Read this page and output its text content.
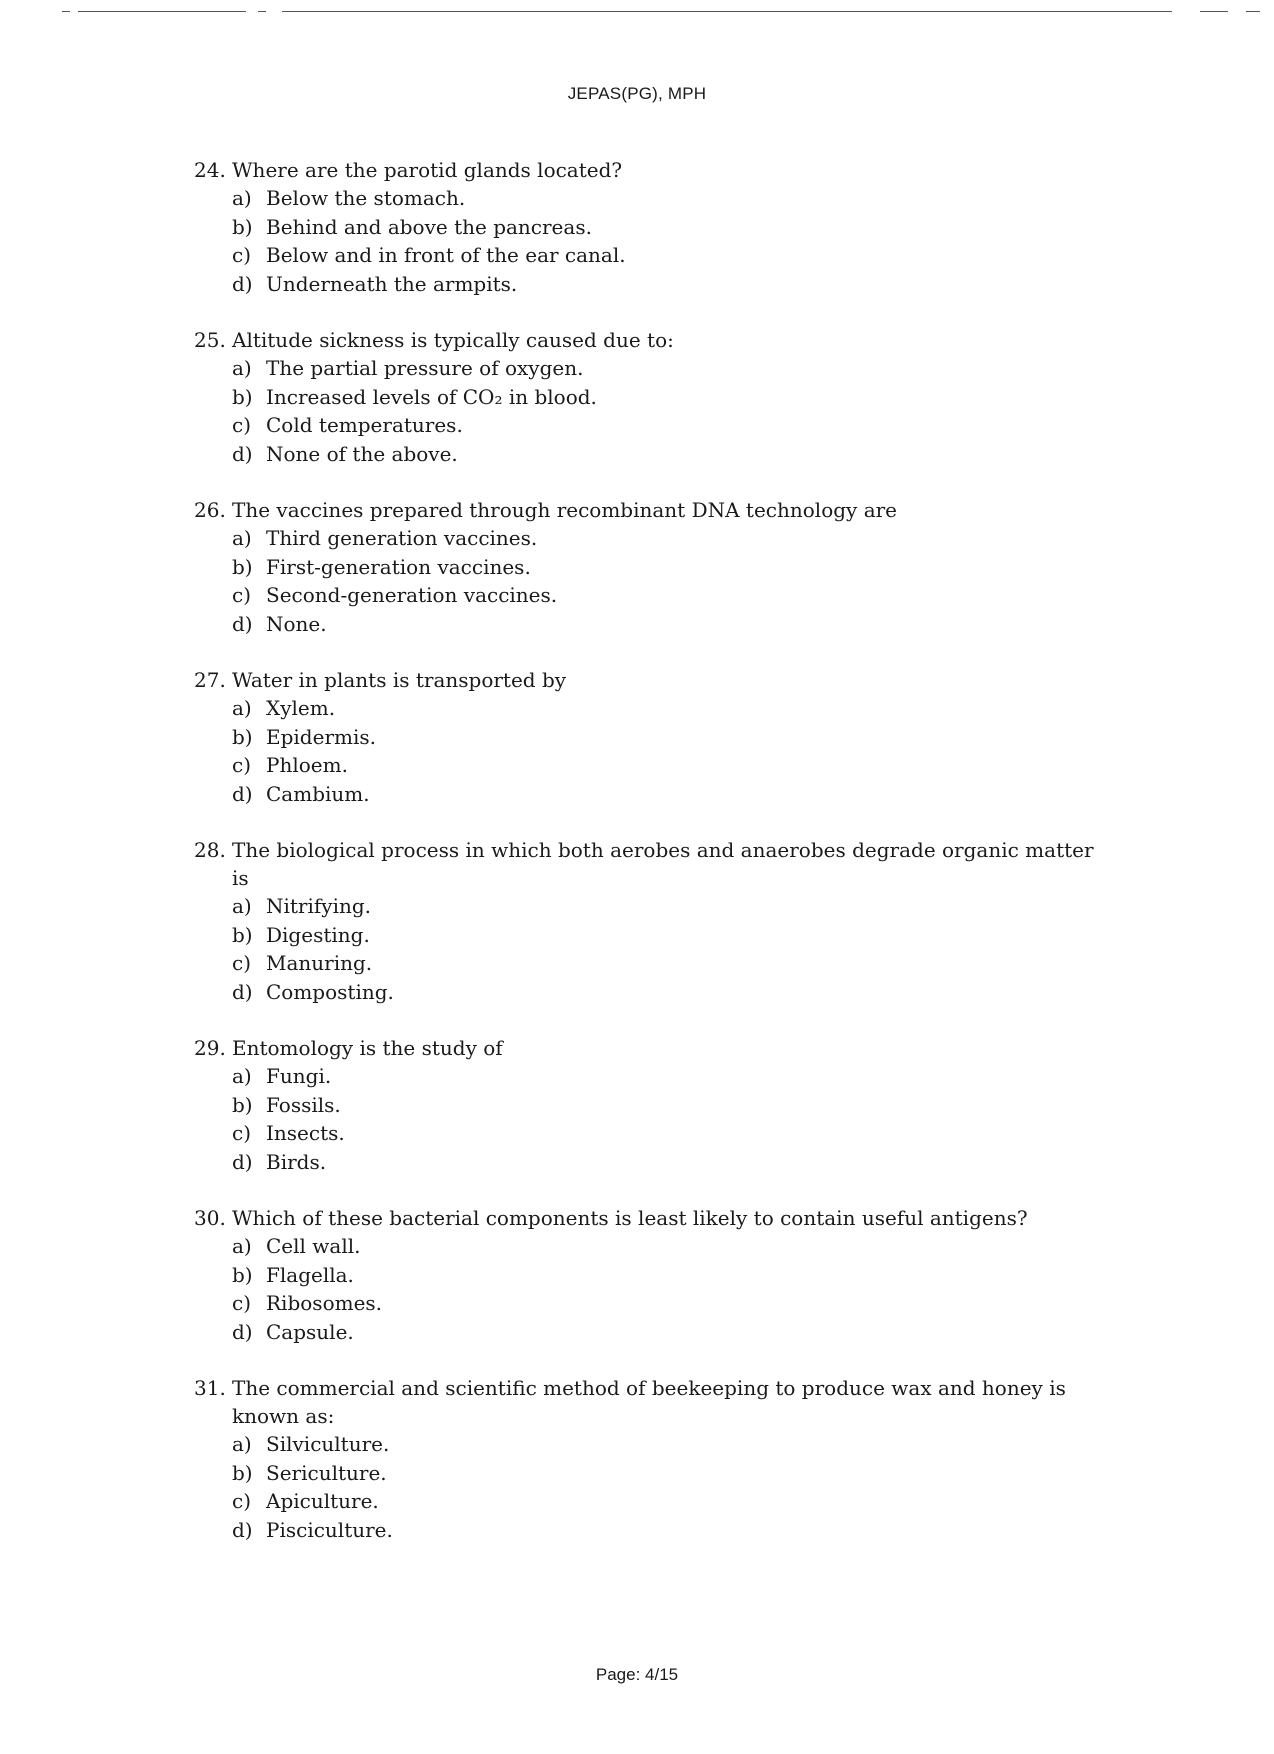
JEPAS(PG), MPH
24. Where are the parotid glands located?
a) Below the stomach.
b) Behind and above the pancreas.
c) Below and in front of the ear canal.
d) Underneath the armpits.
25. Altitude sickness is typically caused due to:
a) The partial pressure of oxygen.
b) Increased levels of CO₂ in blood.
c) Cold temperatures.
d) None of the above.
26. The vaccines prepared through recombinant DNA technology are
a) Third generation vaccines.
b) First-generation vaccines.
c) Second-generation vaccines.
d) None.
27. Water in plants is transported by
a) Xylem.
b) Epidermis.
c) Phloem.
d) Cambium.
28. The biological process in which both aerobes and anaerobes degrade organic matter is
a) Nitrifying.
b) Digesting.
c) Manuring.
d) Composting.
29. Entomology is the study of
a) Fungi.
b) Fossils.
c) Insects.
d) Birds.
30. Which of these bacterial components is least likely to contain useful antigens?
a) Cell wall.
b) Flagella.
c) Ribosomes.
d) Capsule.
31. The commercial and scientific method of beekeeping to produce wax and honey is known as:
a) Silviculture.
b) Sericulture.
c) Apiculture.
d) Pisciculture.
Page: 4/15
